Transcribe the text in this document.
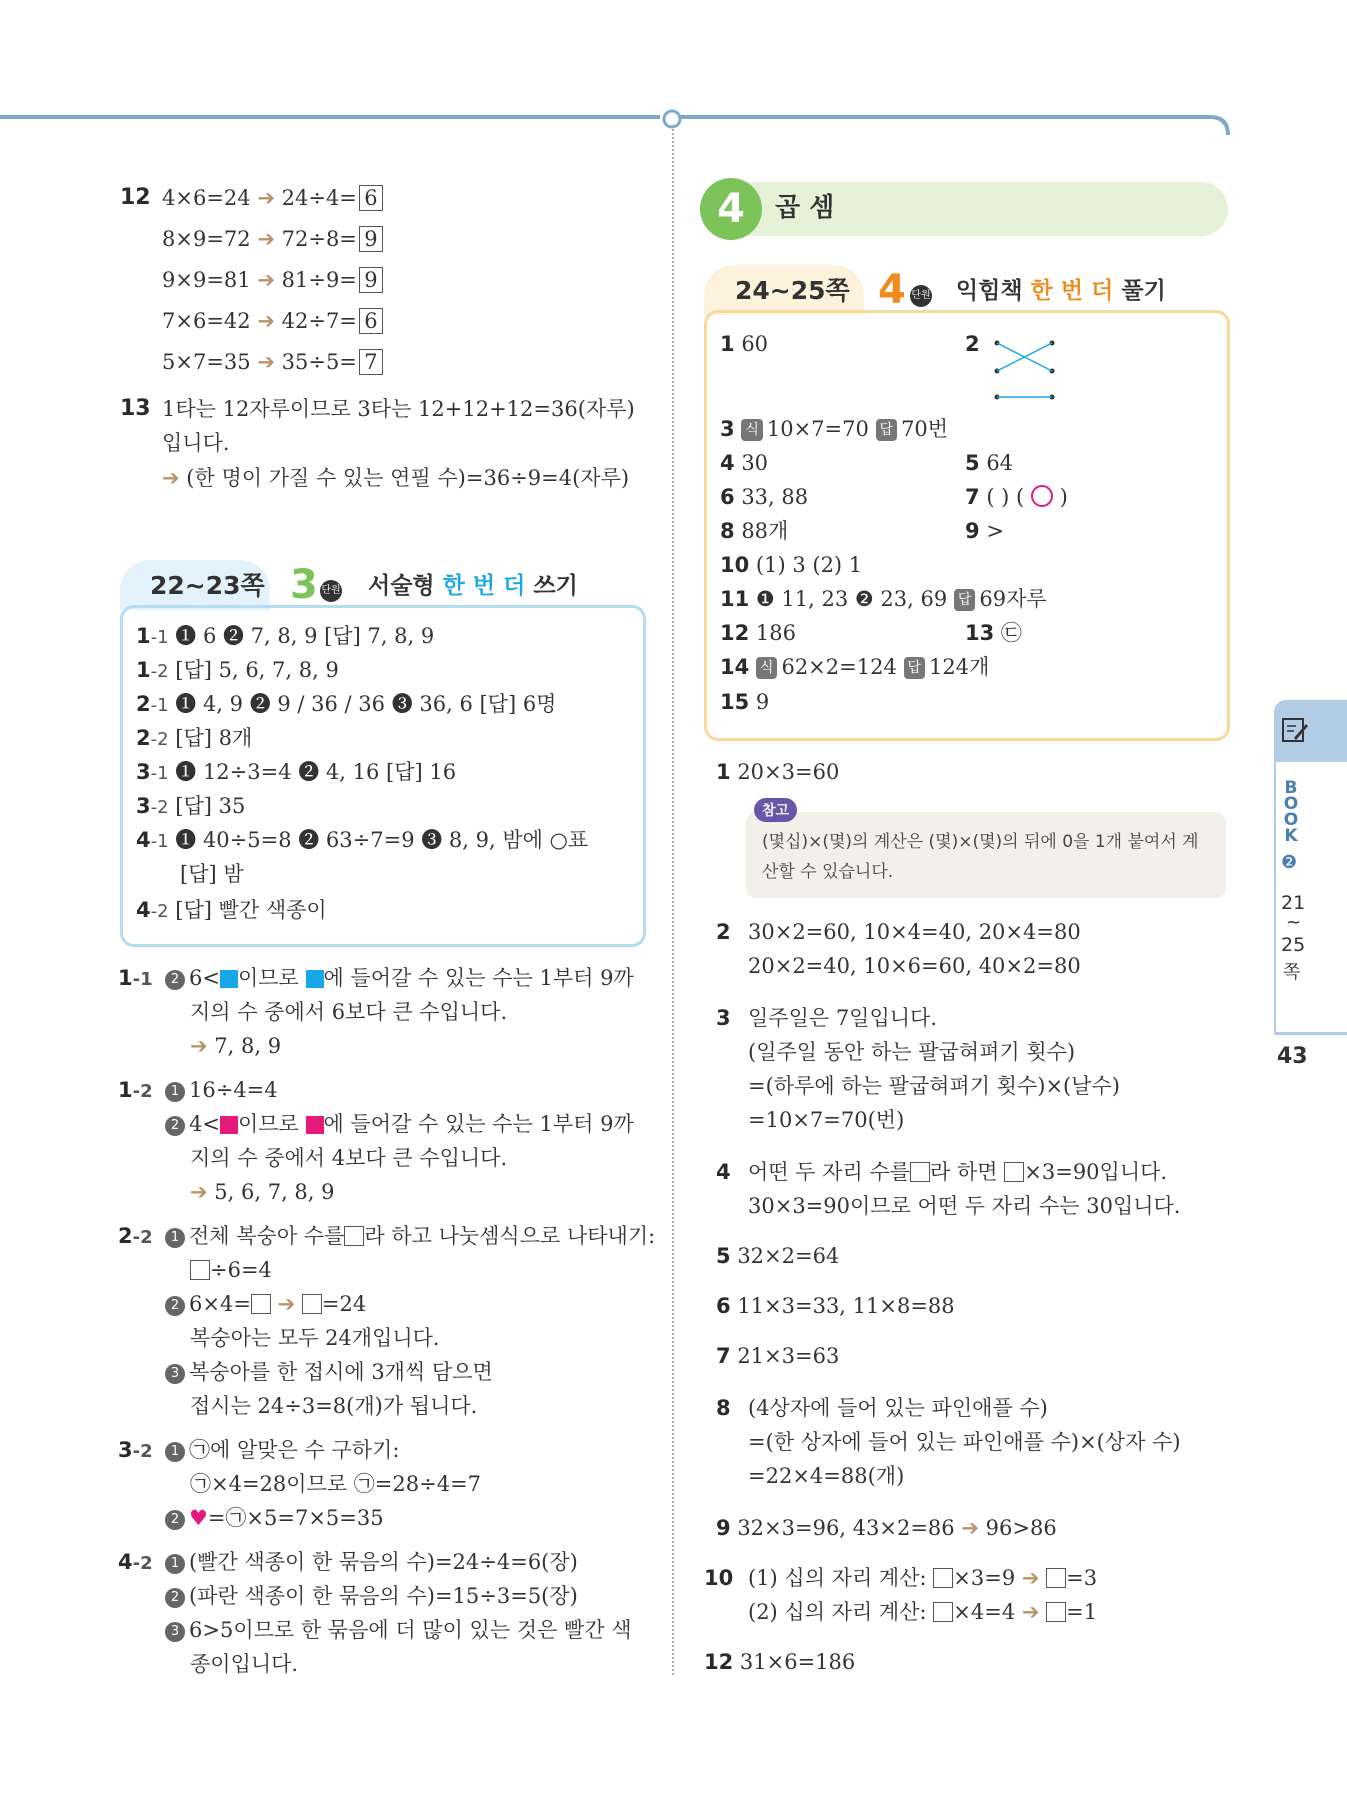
12 4×6=24 ➔ 24÷4= 6
8×9=72 ➔ 72÷8= 9
9×9=81 ➔ 81÷9= 9
7×6=42 ➔ 42÷7= 6
5×7=35 ➔ 35÷5= 7
13 1타는 12자루이므로 3타는 12+12+12=36(자루)
입니다.
➔ (한 명이 가질 수 있는 연필 수)=36÷9=4(자루)
22~23쪽 3 단원 서술형 한 번 더 쓰기
1-1 ❶ 6 ❷ 7, 8, 9 [답] 7, 8, 9
1-2 [답] 5, 6, 7, 8, 9
2-1 ❶ 4, 9 ❷ 9 / 36 / 36 ❸ 36, 6 [답] 6명
2-2 [답] 8개
3-1 ❶ 12÷3=4 ❷ 4, 16 [답] 16
3-2 [답] 35
4-1 ❶ 40÷5=8 ❷ 63÷7=9 ❸ 8, 9, 밤에 ○표
[답] 밤
4-2 [답] 빨간 색종이
1-1	2 6< 이므로 에 들어갈 수 있는 수는 1부터 9까
지의 수 중에서 6보다 큰 수입니다.
➔ 7, 8, 9
1-2	1 16÷4=4
2 4< 이므로 에 들어갈 수 있는 수는 1부터 9까
지의 수 중에서 4보다 큰 수입니다.
➔ 5, 6, 7, 8, 9
2-2	1 전체 복숭아 수를 라 하고 나눗셈식으로 나타내기:
÷6=4
2 6×4= ➔ =24
복숭아는 모두 24개입니다.
3 복숭아를 한 접시에 3개씩 담으면
접시는 24÷3=8(개)가 됩니다.
3-2	1 ㉠에 알맞은 수 구하기:
㉠×4=28이므로 ㉠=28÷4=7
2 ♥=㉠×5=7×5=35
4-2	1 (빨간 색종이 한 묶음의 수)=24÷4=6(장)
2 (파란 색종이 한 묶음의 수)=15÷3=5(장)
3 6>5이므로 한 묶음에 더 많이 있는 것은 빨간 색
종이입니다.
4	곱 셈
24~25쪽 4 단원 익힘책 한 번 더 풀기
1 60	2
3 식 10×7=70 답 70번
4 30	5 64
6 33, 88	7 ( ) ( ○ )
8 88개	9 >
10 (1) 3 (2) 1
11 ❶ 11, 23 ❷ 23, 69 답 69자루
12 186	13 ㉢
14 식 62×2=124 답 124개
15 9
1 20×3=60
참고
(몇십)×(몇)의 계산은 (몇)×(몇)의 뒤에 0을 1개 붙여서 계
산할 수 있습니다.
2 30×2=60, 10×4=40, 20×4=80
20×2=40, 10×6=60, 40×2=80
3 일주일은 7일입니다.
(일주일 동안 하는 팔굽혀펴기 횟수)
=(하루에 하는 팔굽혀펴기 횟수)×(날수)
=10×7=70(번)
4 어떤 두 자리 수를 라 하면 ×3=90입니다.
30×3=90이므로 어떤 두 자리 수는 30입니다.
5 32×2=64
6 11×3=33, 11×8=88
7 21×3=63
8 (4상자에 들어 있는 파인애플 수)
=(한 상자에 들어 있는 파인애플 수)×(상자 수)
=22×4=88(개)
9 32×3=96, 43×2=86 ➔ 96>86
10 (1) 십의 자리 계산: ×3=9 ➔ =3
(2) 십의 자리 계산: ×4=4 ➔ =1
12 31×6=186
BOOK
❷
21
~
25
쪽
43
